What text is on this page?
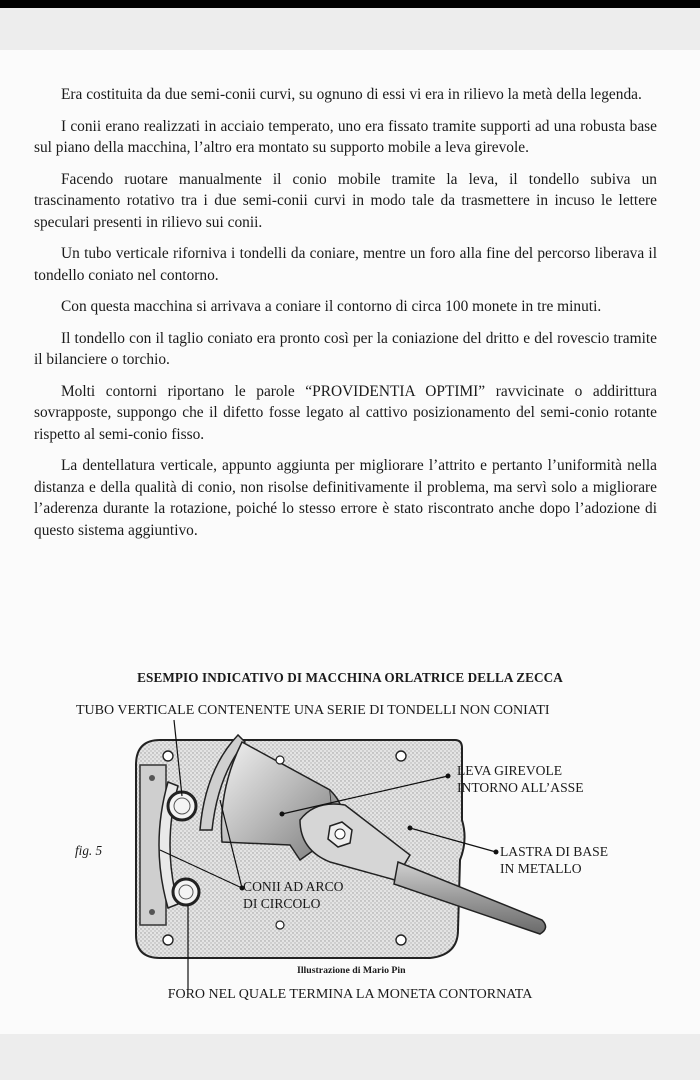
Era costituita da due semi-conii curvi, su ognuno di essi vi era in rilievo la metà della legenda.

I conii erano realizzati in acciaio temperato, uno era fissato tramite supporti ad una robusta base sul piano della macchina, l’altro era montato su supporto mobile a leva girevole.

Facendo ruotare manualmente il conio mobile tramite la leva, il tondello subiva un trascinamento rotativo tra i due semi-conii curvi in modo tale da trasmettere in incuso le lettere speculari presenti in rilievo sui conii.

Un tubo verticale riforniva i tondelli da coniare, mentre un foro alla fine del percorso liberava il tondello coniato nel contorno.

Con questa macchina si arrivava a coniare il contorno di circa 100 monete in tre minuti.

Il tondello con il taglio coniato era pronto così per la coniazione del dritto e del rovescio tramite il bilanciere o torchio.

Molti contorni riportano le parole “PROVIDENTIA OPTIMI” ravvicinate o addirittura sovrapposte, suppongo che il difetto fosse legato al cattivo posizionamento del semi-conio rotante rispetto al semi-conio fisso.

La dentellatura verticale, appunto aggiunta per migliorare l’attrito e pertanto l’uniformità nella distanza e della qualità di conio, non risolse definitivamente il problema, ma servì solo a migliorare l’aderenza durante la rotazione, poiché lo stesso errore è stato riscontrato anche dopo l’adozione di questo sistema aggiuntivo.

ESEMPIO INDICATIVO DI MACCHINA ORLATRICE DELLA ZECCA
TUBO VERTICALE CONTENENTE UNA SERIE DI TONDELLI NON CONIATI
LEVA GIREVOLE
INTORNO ALL’ASSE
LASTRA DI BASE
IN METALLO
CONII AD ARCO
DI CIRCOLO
fig. 5
Illustrazione di Mario Pin
FORO NEL QUALE TERMINA LA MONETA CONTORNATA
